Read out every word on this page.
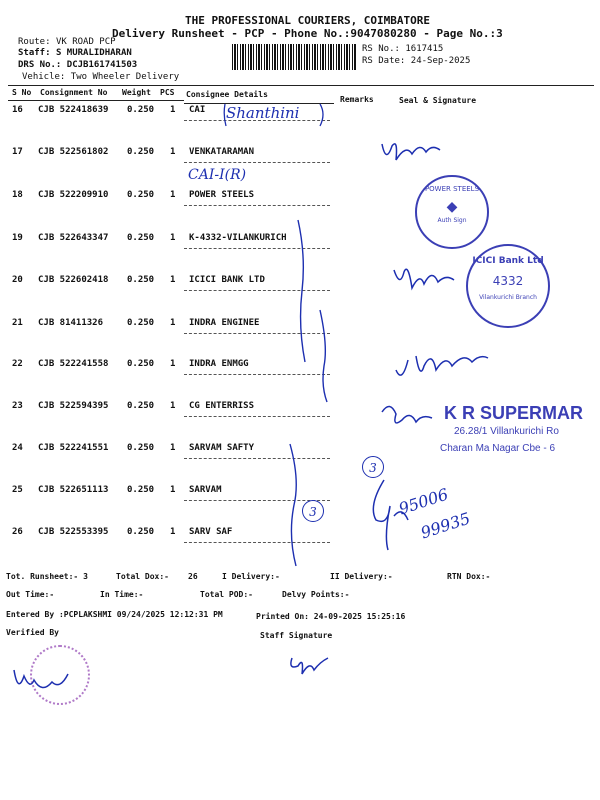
THE PROFESSIONAL COURIERS, COIMBATORE
Delivery Runsheet - PCP - Phone No.:9047080280 - Page No.:3
Route: VK ROAD PCP
Staff: S MURALIDHARAN
DRS No.: DCJB161741503
Vehicle: Two Wheeler Delivery
RS No.: 1617415
RS Date: 24-Sep-2025
S No Consignment No Weight PCS Consignee Details
Remarks	Seal & Signature
16 CJB 522418639 0.250 1 CAI
17 CJB 522561802 0.250 1 VENKATARAMAN
18 CJB 522209910 0.250 1 POWER STEELS
19 CJB 522643347 0.250 1 K-4332-VILANKURICH
20 CJB 522602418 0.250 1 ICICI BANK LTD
21 CJB 81411326	0.250 1 INDRA ENGINEE
22 CJB 522241558 0.250 1 INDRA ENMGG
23 CJB 522594395 0.250 1 CG ENTERRISS
24 CJB 522241551 0.250 1 SARVAM SAFTY
25 CJB 522651113 0.250 1 SARVAM
26 CJB 522553395 0.250 1 SARV SAF
Shanthini
CAI-I(R)
POWER STEELS
◆
Auth Sign
ICICI Bank Ltd
4332
Vilankurichi Branch
K R SUPERMAR
26.28/1 Villankurichi Ro
Charan Ma Nagar Cbe - 6
3
3	95006
99935
Tot. Runsheet:- 3	Total Dox:- 26	I Delivery:-	II Delivery:-	RTN Dox:-
Out Time:-	In Time:-	Total POD:-	Delvy Points:-
Entered By :PCPLAKSHMI 09/24/2025 12:12:31 PM	Printed On: 24-09-2025 15:25:16
Verified By	Staff Signature
